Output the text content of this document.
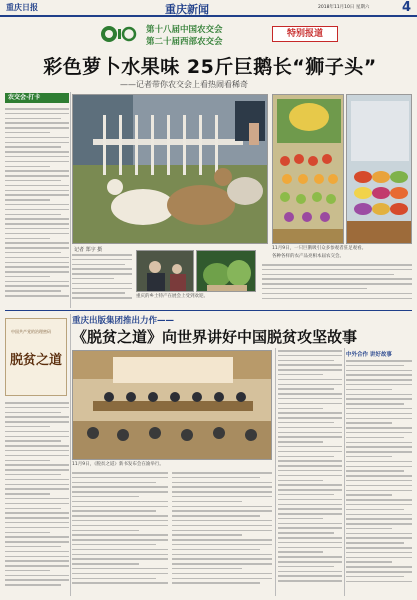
重庆日报	重庆新闻	2018年11月10日 星期六	4
第十八届中国农交会
第二十届西部农交会
特别报道
彩色萝卜水果味 25斤巨鹅长“狮子头”
——记者带你农交会上看热闹看稀奇
农交会·打卡
记者 郑宇 摄
重庆的乡土特产在展会上受到欢迎。
11月9日，一只巨鹅吸引众多参观者驻足观看。
各种各样的农产品亮相本届农交会。
中国共产党的治理密码
脱贫之道
重庆出版集团推出力作——
《脱贫之道》向世界讲好中国脱贫攻坚故事
11月9日，《脱贫之道》新书发布会在渝举行。
中外合作 讲好故事
